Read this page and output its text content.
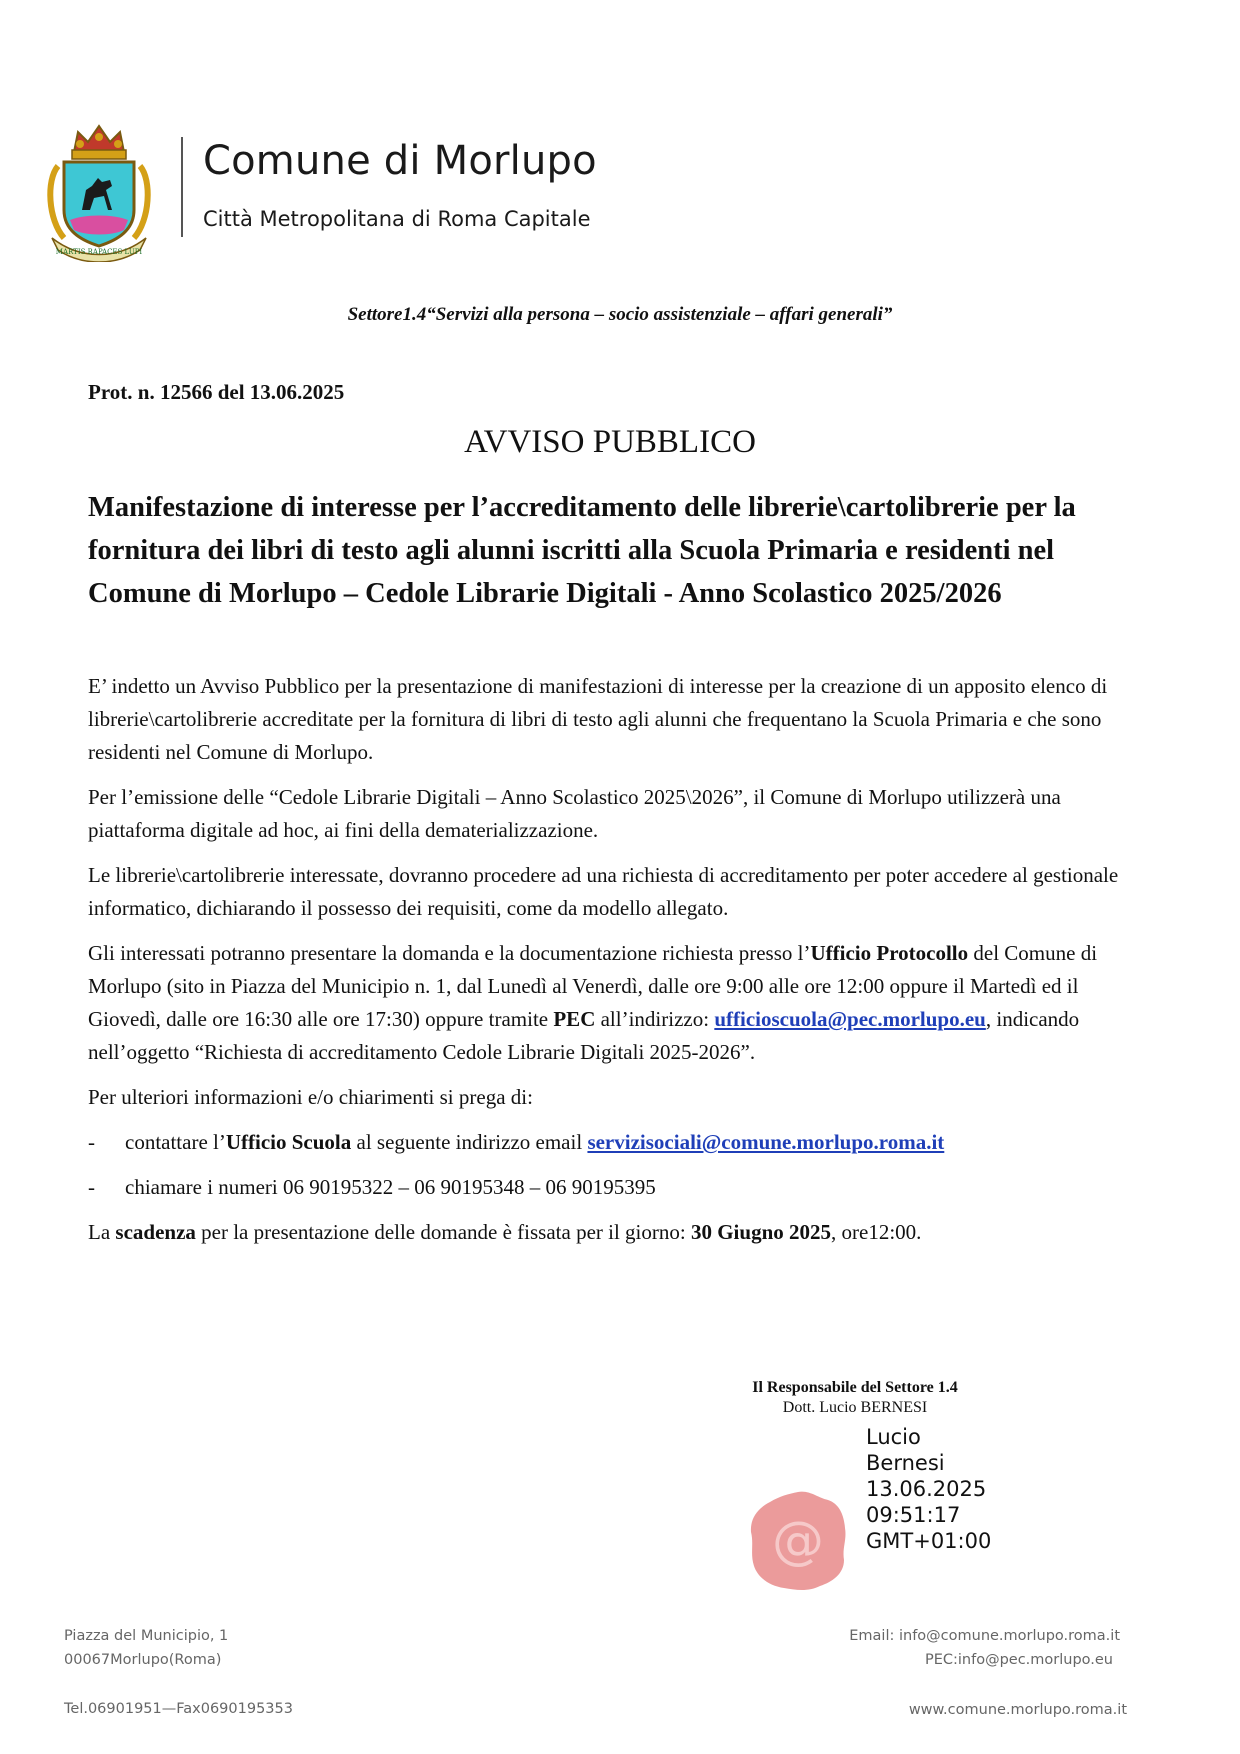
MARTIS RAPACES LUPI
Comune di Morlupo
Città Metropolitana di Roma Capitale
Settore1.4“Servizi alla persona – socio assistenziale – affari generali”
Prot. n. 12566 del 13.06.2025
AVVISO PUBBLICO
Manifestazione di interesse per l’accreditamento delle librerie\cartolibrerie per la fornitura dei libri di testo agli alunni iscritti alla Scuola Primaria e residenti nel Comune di Morlupo – Cedole Librarie Digitali - Anno Scolastico 2025/2026

E’ indetto un Avviso Pubblico per la presentazione di manifestazioni di interesse per la creazione di un apposito elenco di librerie\cartolibrerie accreditate per la fornitura di libri di testo agli alunni che frequentano la Scuola Primaria e che sono residenti nel Comune di Morlupo.

Per l’emissione delle “Cedole Librarie Digitali – Anno Scolastico 2025\2026”, il Comune di Morlupo utilizzerà una piattaforma digitale ad hoc, ai fini della dematerializzazione.

Le librerie\cartolibrerie interessate, dovranno procedere ad una richiesta di accreditamento per poter accedere al gestionale informatico, dichiarando il possesso dei requisiti, come da modello allegato.

Gli interessati potranno presentare la domanda e la documentazione richiesta presso l’Ufficio Protocollo del Comune di Morlupo (sito in Piazza del Municipio n. 1, dal Lunedì al Venerdì, dalle ore 9:00 alle ore 12:00 oppure il Martedì ed il Giovedì, dalle ore 16:30 alle ore 17:30) oppure tramite PEC all’indirizzo: ufficioscuola@pec.morlupo.eu, indicando nell’oggetto “Richiesta di accreditamento Cedole Librarie Digitali 2025-2026”.

Per ulteriori informazioni e/o chiarimenti si prega di:

-	contattare l’Ufficio Scuola al seguente indirizzo email servizisociali@comune.morlupo.roma.it
-	chiamare i numeri 06 90195322 – 06 90195348 – 06 90195395

La scadenza per la presentazione delle domande è fissata per il giorno: 30 Giugno 2025, ore12:00.

Il Responsabile del Settore 1.4
Dott. Lucio BERNESI
@
Lucio
Bernesi
13.06.2025
09:51:17
GMT+01:00
Piazza del Municipio, 1
00067Morlupo(Roma)
Tel.06901951—Fax0690195353
Email: info@comune.morlupo.roma.it
PEC:info@pec.morlupo.eu
www.comune.morlupo.roma.it
